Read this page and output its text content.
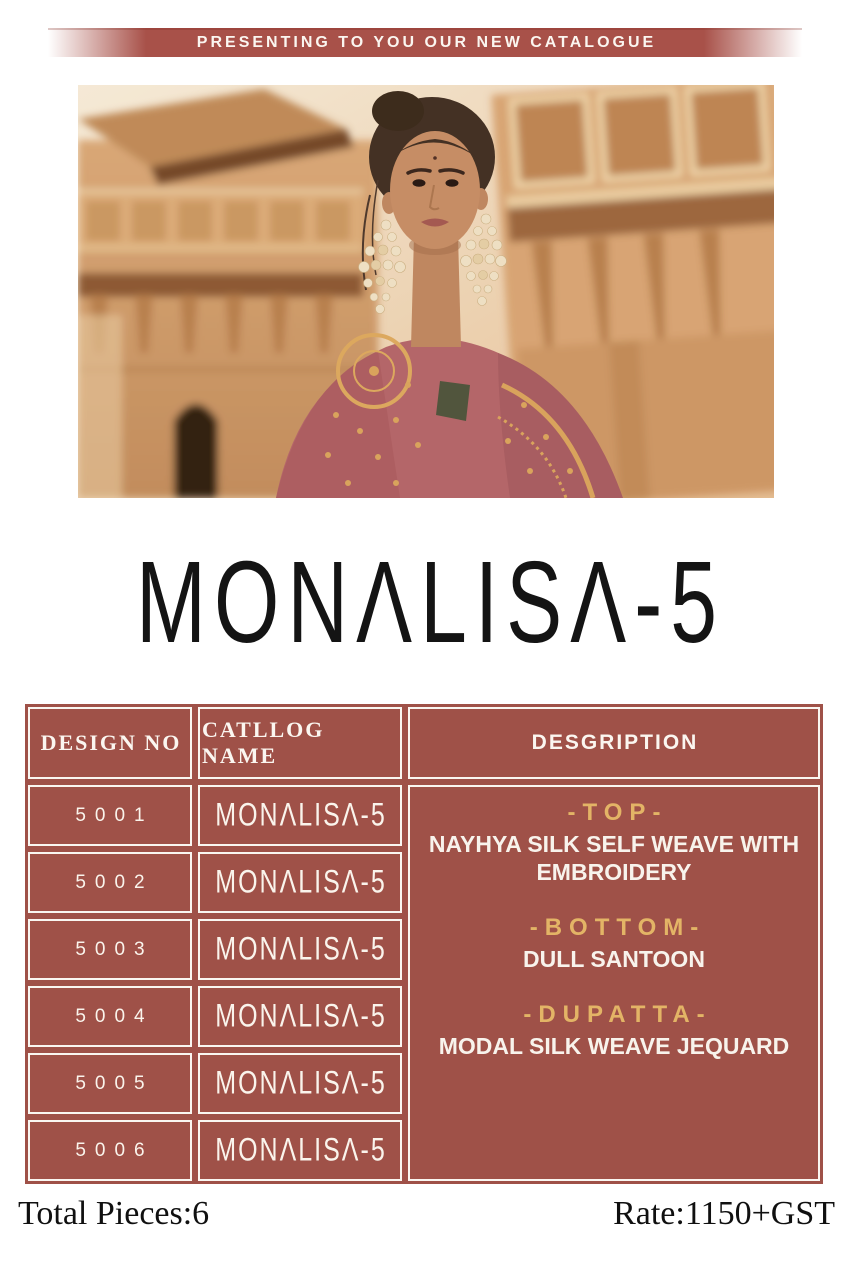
PRESENTING TO YOU OUR NEW CATALOGUE
MONΛLISΛ-5
DESIGN NO
CATLLOG NAME
DESGRIPTION
-TOP-
NAYHYA SILK SELF WEAVE WITH EMBROIDERY
-BOTTOM-
DULL SANTOON
-DUPATTA-
MODAL SILK WEAVE JEQUARD
5001 MONΛLISΛ-5
5002 MONΛLISΛ-5
5003 MONΛLISΛ-5
5004 MONΛLISΛ-5
5005 MONΛLISΛ-5
5006 MONΛLISΛ-5
Total Pieces:6	Rate:1150+GST
